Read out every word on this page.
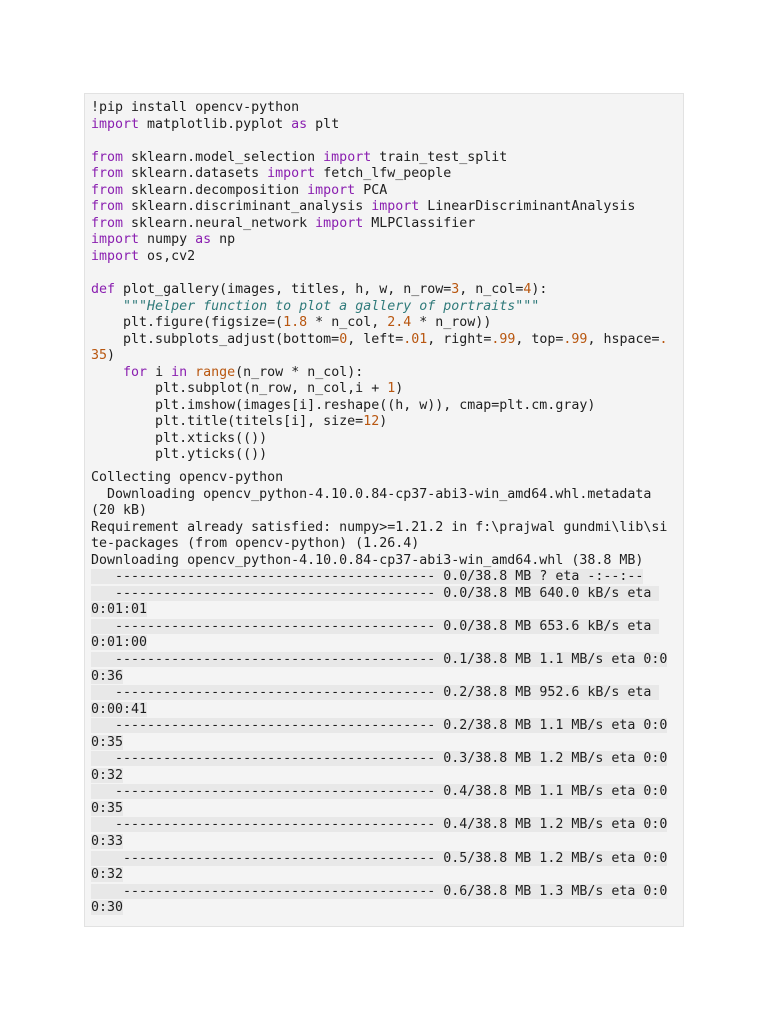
!pip install opencv-python
import matplotlib.pyplot as plt
from sklearn.model_selection import train_test_split
from sklearn.datasets import fetch_lfw_people
from sklearn.decomposition import PCA
from sklearn.discriminant_analysis import LinearDiscriminantAnalysis
from sklearn.neural_network import MLPClassifier
import numpy as np
import os,cv2
def plot_gallery(images, titles, h, w, n_row=3, n_col=4):
"""Helper function to plot a gallery of portraits"""
plt.figure(figsize=(1.8 * n_col, 2.4 * n_row))
plt.subplots_adjust(bottom=0, left=.01, right=.99, top=.99, hspace=.35)
for i in range(n_row * n_col):
plt.subplot(n_row, n_col,i + 1)
plt.imshow(images[i].reshape((h, w)), cmap=plt.cm.gray)
plt.title(titels[i], size=12)
plt.xticks(())
plt.yticks(())
Collecting opencv-python
Downloading opencv_python-4.10.0.84-cp37-abi3-win_amd64.whl.metadata (20 kB)
Requirement already satisfied: numpy>=1.21.2 in f:\prajwal gundmi\lib\site-packages (from opencv-python) (1.26.4)
Downloading opencv_python-4.10.0.84-cp37-abi3-win_amd64.whl (38.8 MB)
---------------------------------------- 0.0/38.8 MB ? eta -:--:--
---------------------------------------- 0.0/38.8 MB 640.0 kB/s eta 0:01:01
---------------------------------------- 0.0/38.8 MB 653.6 kB/s eta 0:01:00
---------------------------------------- 0.1/38.8 MB 1.1 MB/s eta 0:00:36
---------------------------------------- 0.2/38.8 MB 952.6 kB/s eta 0:00:41
---------------------------------------- 0.2/38.8 MB 1.1 MB/s eta 0:00:35
---------------------------------------- 0.3/38.8 MB 1.2 MB/s eta 0:00:32
---------------------------------------- 0.4/38.8 MB 1.1 MB/s eta 0:00:35
---------------------------------------- 0.4/38.8 MB 1.2 MB/s eta 0:00:33
--------------------------------------- 0.5/38.8 MB 1.2 MB/s eta 0:00:32
--------------------------------------- 0.6/38.8 MB 1.3 MB/s eta 0:00:30
